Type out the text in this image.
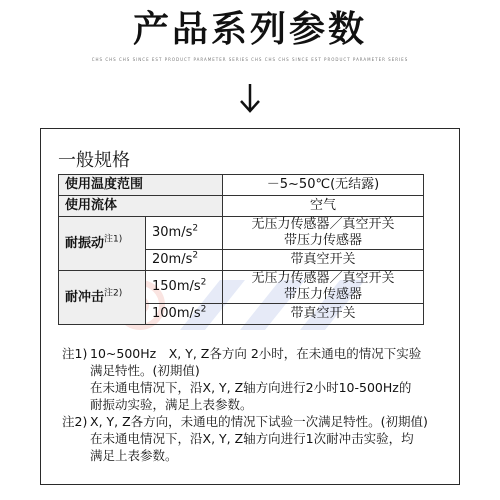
产品系列参数
CHS CHS CHS SINCE EST PRODUCT PARAMETER SERIES CHS CHS CHS SINCE EST PRODUCT PARAMETER SERIES
一般规格
使用温度范围		－5~50℃(无结露)
使用流体		空气
耐振动$^{注1)}$	$30m/s^2$	无压力传感器／真空开关
带压力传感器

	$20m/s^2$	带真空开关
耐冲击$^{注2)}$	$150m/s^2$	无压力传感器／真空开关
带压力传感器

	$100m/s^2$	带真空开关
注1) 10~500Hz　X, Y, Z各方向 2小时，在未通电的情况下实验

满足特性。(初期值)

在未通电情况下，沿X, Y, Z轴方向进行2小时10-500Hz的

耐振动实验，满足上表参数。

注2) X, Y, Z各方向，未通电的情况下试验一次满足特性。(初期值)

在未通电情况下，沿X, Y, Z轴方向进行1次耐冲击实验，均

满足上表参数。
